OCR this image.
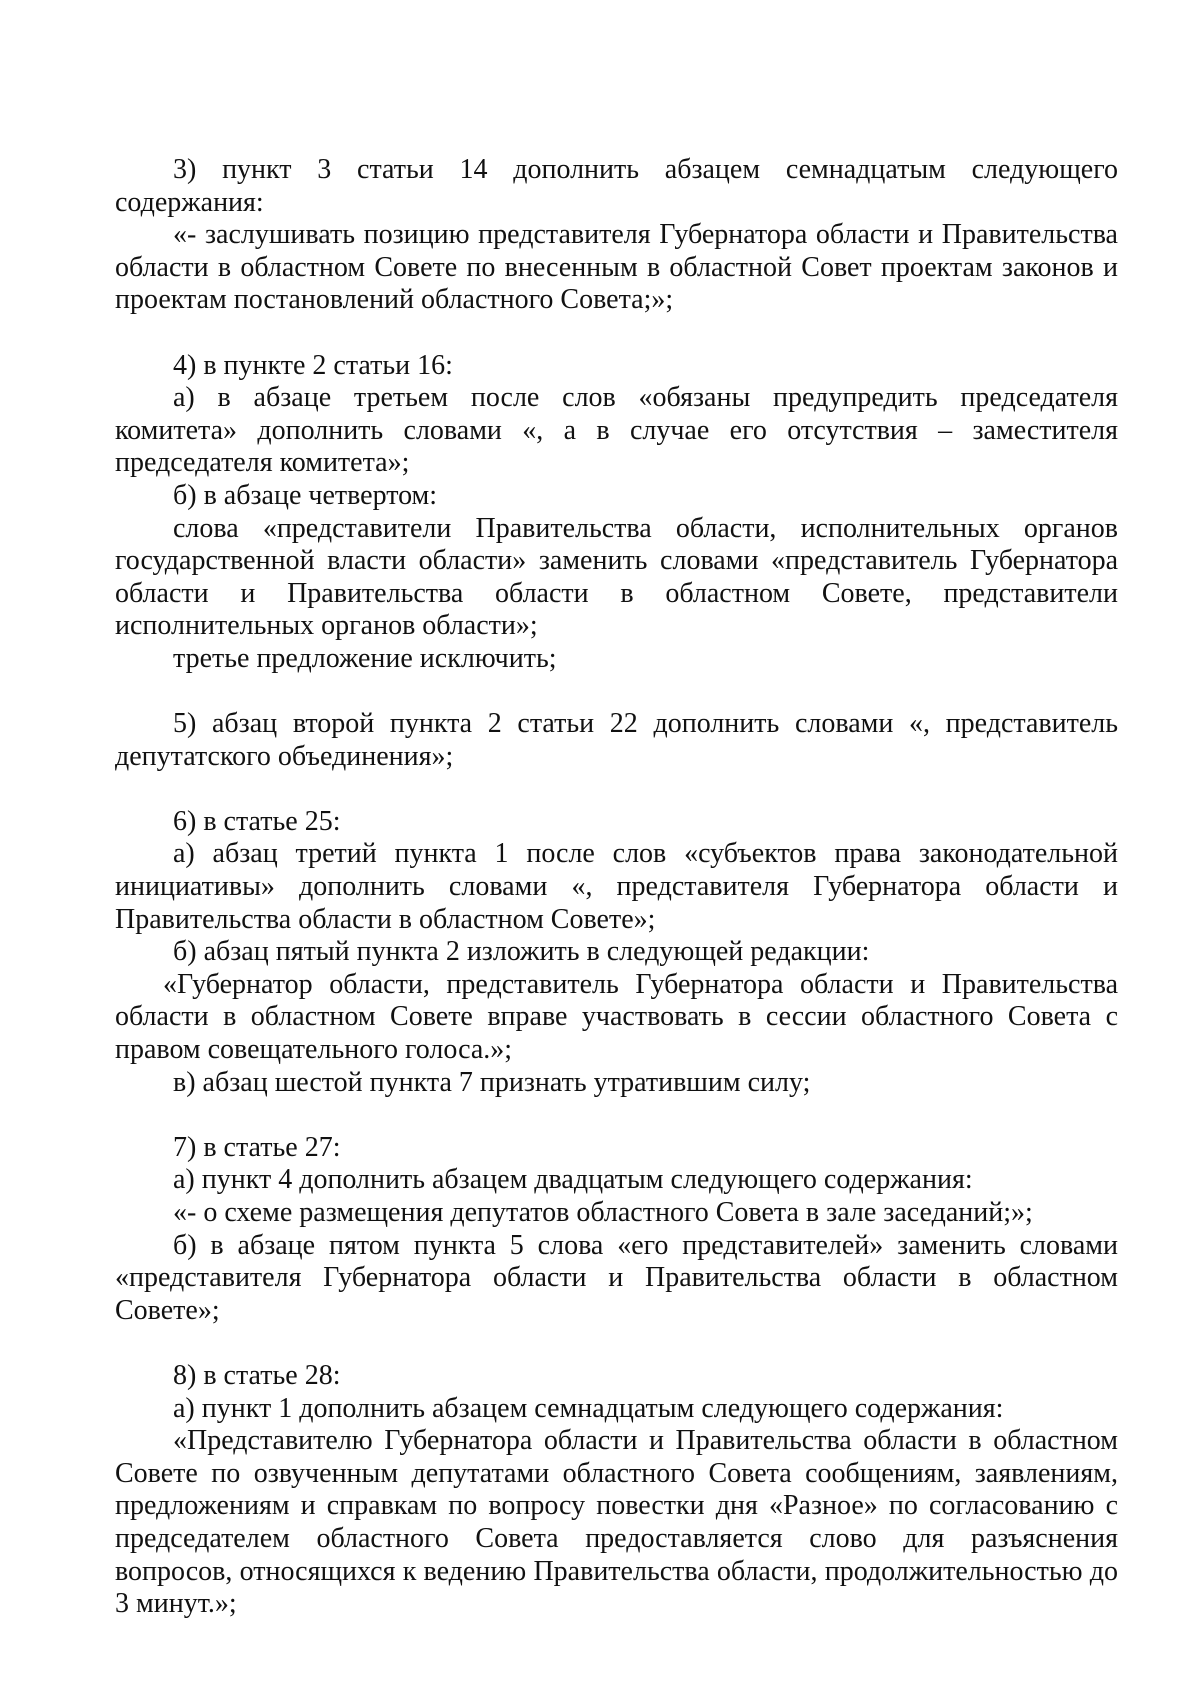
3) пункт 3 статьи 14 дополнить абзацем семнадцатым следующего содержания:

«- заслушивать позицию представителя Губернатора области и Правительства области в областном Совете по внесенным в областной Совет проектам законов и проектам постановлений областного Совета;»;

4) в пункте 2 статьи 16:

а) в абзаце третьем после слов «обязаны предупредить председателя комитета» дополнить словами «, а в случае его отсутствия – заместителя председателя комитета»;

б) в абзаце четвертом:

слова «представители Правительства области, исполнительных органов государственной власти области» заменить словами «представитель Губернатора области и Правительства области в областном Совете, представители исполнительных органов области»;

третье предложение исключить;

5) абзац второй пункта 2 статьи 22 дополнить словами «, представитель депутатского объединения»;

6) в статье 25:

а) абзац третий пункта 1 после слов «субъектов права законодательной инициативы» дополнить словами «, представителя Губернатора области и Правительства области в областном Совете»;

б) абзац пятый пункта 2 изложить в следующей редакции:

«Губернатор области, представитель Губернатора области и Правительства области в областном Совете вправе участвовать в сессии областного Совета с правом совещательного голоса.»;

в) абзац шестой пункта 7 признать утратившим силу;

7) в статье 27:

а) пункт 4 дополнить абзацем двадцатым следующего содержания:

«- о схеме размещения депутатов областного Совета в зале заседаний;»;

б) в абзаце пятом пункта 5 слова «его представителей» заменить словами «представителя Губернатора области и Правительства области в областном Совете»;

8) в статье 28:

а) пункт 1 дополнить абзацем семнадцатым следующего содержания:

«Представителю Губернатора области и Правительства области в областном Совете по озвученным депутатами областного Совета сообщениям, заявлениям, предложениям и справкам по вопросу повестки дня «Разное» по согласованию с председателем областного Совета предоставляется слово для разъяснения вопросов, относящихся к ведению Правительства области, продолжительностью до 3 минут.»;
